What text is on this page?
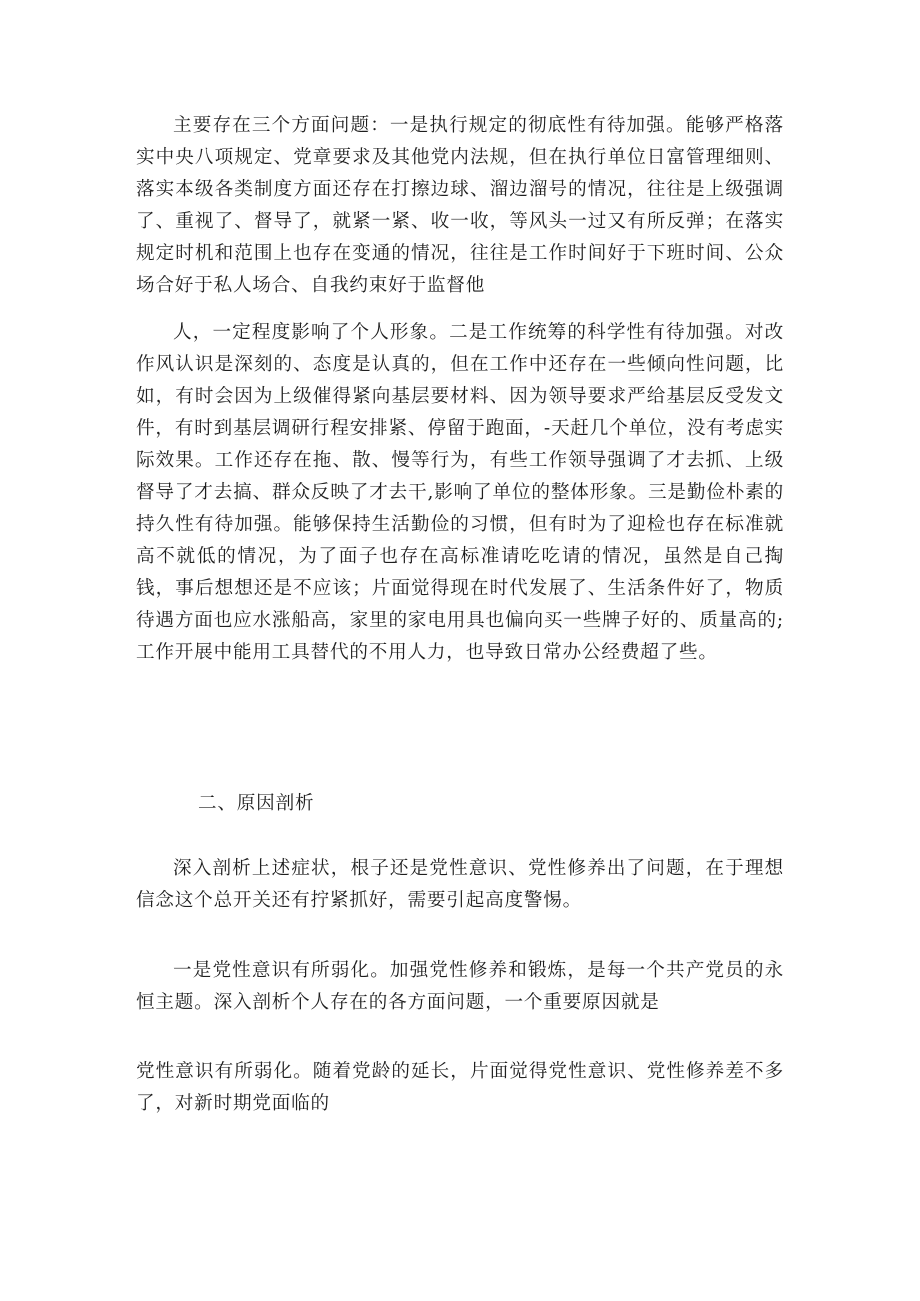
主要存在三个方面问题：一是执行规定的彻底性有待加强。能够严格落实中央八项规定、党章要求及其他党内法规，但在执行单位日富管理细则、落实本级各类制度方面还存在打擦边球、溜边溜号的情况，往往是上级强调了、重视了、督导了，就紧一紧、收一收，等风头一过又有所反弹；在落实规定时机和范围上也存在变通的情况，往往是工作时间好于下班时间、公众场合好于私人场合、自我约束好于监督他

人，一定程度影响了个人形象。二是工作统筹的科学性有待加强。对改作风认识是深刻的、态度是认真的，但在工作中还存在一些倾向性问题，比如，有时会因为上级催得紧向基层要材料、因为领导要求严给基层反受发文件，有时到基层调研行程安排紧、停留于跑面，-天赶几个单位，没有考虑实际效果。工作还存在拖、散、慢等行为，有些工作领导强调了才去抓、上级督导了才去搞、群众反映了才去干,影响了单位的整体形象。三是勤俭朴素的持久性有待加强。能够保持生活勤俭的习惯，但有时为了迎检也存在标准就高不就低的情况，为了面子也存在高标准请吃吃请的情况，虽然是自己掏钱，事后想想还是不应该；片面觉得现在时代发展了、生活条件好了，物质待遇方面也应水涨船高，家里的家电用具也偏向买一些牌子好的、质量高的;工作开展中能用工具替代的不用人力，也导致日常办公经费超了些。

二、原因剖析

深入剖析上述症状，根子还是党性意识、党性修养出了问题，在于理想信念这个总开关还有拧紧抓好，需要引起高度警惕。

一是党性意识有所弱化。加强党性修养和锻炼，是每一个共产党员的永恒主题。深入剖析个人存在的各方面问题，一个重要原因就是

党性意识有所弱化。随着党龄的延长，片面觉得党性意识、党性修养差不多了，对新时期党面临的
